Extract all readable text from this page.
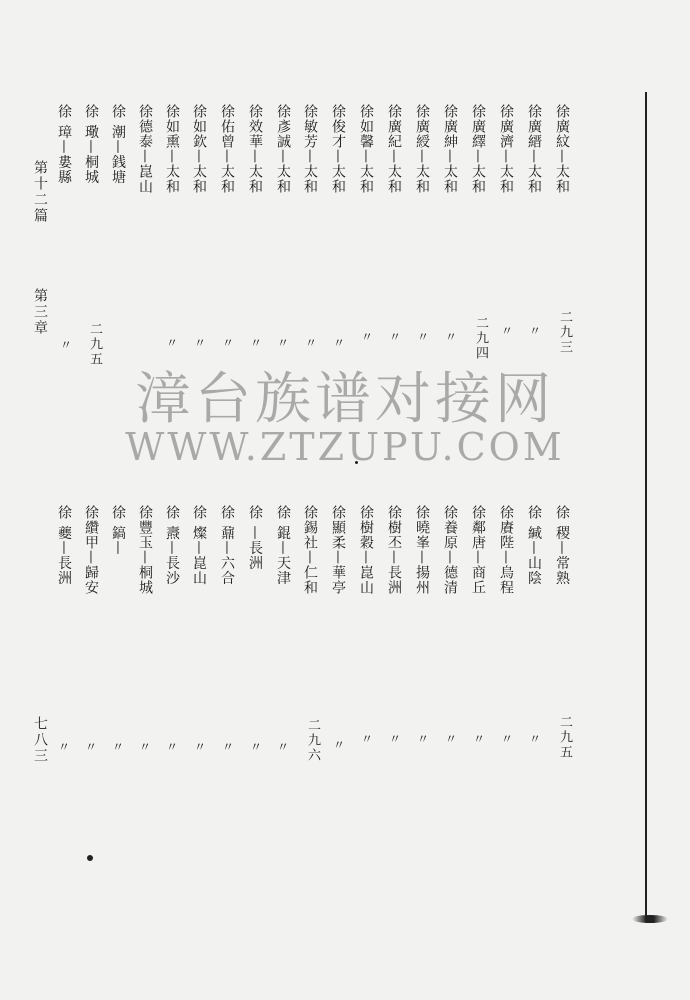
徐廣紋—太和
徐廣縉—太和
徐廣濟—太和
徐廣繹—太和
徐廣紳—太和
徐廣綬—太和
徐廣紀—太和
徐如馨—太和
徐俊才—太和
徐敏芳—太和
徐彥誠—太和
徐效華—太和
徐佑曾—太和
徐如欽—太和
徐如熏—太和
徐德泰—崑山
徐 潮—銭塘
徐 璥—桐城
徐 璋—婁縣
二九三
〃
〃
二九四
〃
〃
〃
〃
〃
〃
〃
〃
〃
〃
〃
二九五
〃
徐 稷—常熟
徐 緘—山陰
徐賡陛—烏程
徐鄰唐—商丘
徐養原—德清
徐曉峯—揚州
徐樹丕—長洲
徐樹穀—崑山
徐顯柔—華亭
徐錫社—仁和
徐 錕—天津
徐 —長洲
徐 鼐—六合
徐 燦—崑山
徐 燾—長沙
徐豐玉—桐城
徐 鎬—
徐纘甲—歸安
徐 夔—長洲
二九五
〃
〃
〃
〃
〃
〃
〃
〃
二九六
〃
〃
〃
〃
〃
〃
〃
〃
〃
第十二篇
第三章
七八三
漳台族谱对接网
WWW.ZTZUPU.COM
